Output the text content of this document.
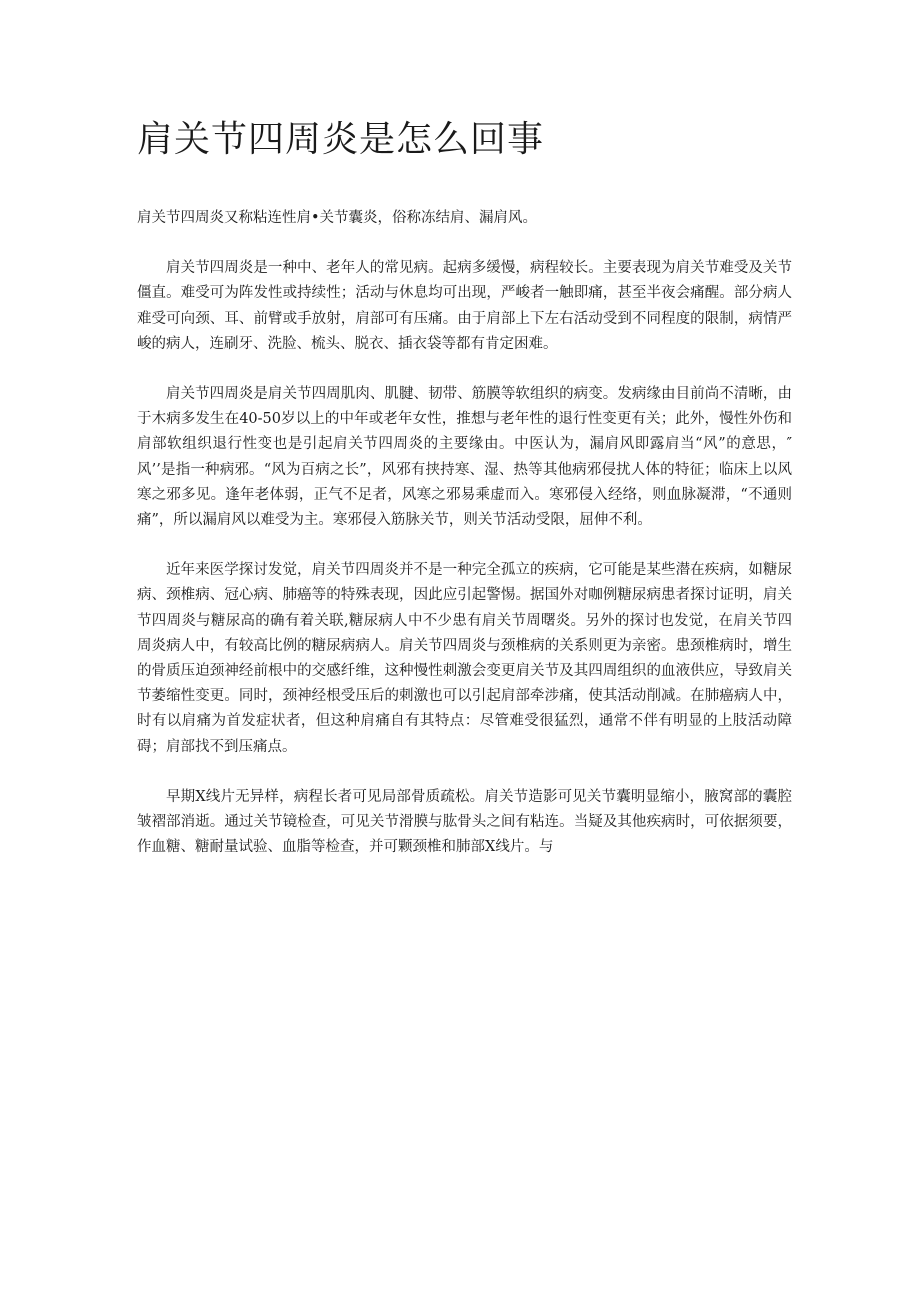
肩关节四周炎是怎么回事

肩关节四周炎又称粘连性肩•关节囊炎，俗称冻结肩、漏肩风。

肩关节四周炎是一种中、老年人的常见病。起病多缓慢，病程较长。主要表现为肩关节难受及关节僵直。难受可为阵发性或持续性；活动与休息均可出现，严峻者一触即痛，甚至半夜会痛醒。部分病人难受可向颈、耳、前臂或手放射，肩部可有压痛。由于肩部上下左右活动受到不同程度的限制，病情严峻的病人，连刷牙、洗脸、梳头、脱衣、插衣袋等都有肯定困难。

肩关节四周炎是肩关节四周肌肉、肌腱、韧带、筋膜等软组织的病变。发病缘由目前尚不清晰，由于木病多发生在40-50岁以上的中年或老年女性，推想与老年性的退行性变更有关；此外，慢性外伤和肩部软组织退行性变也是引起肩关节四周炎的主要缘由。中医认为，漏肩风即露肩当“风”的意思，″风’’是指一种病邪。“风为百病之长”，风邪有挟持寒、湿、热等其他病邪侵扰人体的特征；临床上以风寒之邪多见。逢年老体弱，正气不足者，风寒之邪易乘虚而入。寒邪侵入经络，则血脉凝滞，“不通则痛”，所以漏肩风以难受为主。寒邪侵入筋脉关节，则关节活动受限，屈伸不利。

近年来医学探讨发觉，肩关节四周炎并不是一种完全孤立的疾病，它可能是某些潜在疾病，如糖尿病、颈椎病、冠心病、肺癌等的特殊表现，因此应引起警惕。据国外对咖例糖尿病患者探讨证明，肩关节四周炎与糖尿高的确有着关联,糖尿病人中不少患有肩关节周曙炎。另外的探讨也发觉，在肩关节四周炎病人中，有较高比例的糖尿病病人。肩关节四周炎与颈椎病的关系则更为亲密。患颈椎病时，增生的骨质压迫颈神经前根中的交感纤维，这种慢性刺激会变更肩关节及其四周组织的血液供应，导致肩关节萎缩性变更。同时，颈神经根受压后的刺激也可以引起肩部牵涉痛，使其活动削减。在肺癌病人中，时有以肩痛为首发症状者，但这种肩痛自有其特点：尽管难受很猛烈，通常不伴有明显的上肢活动障碍；肩部找不到压痛点。

早期X线片无异样，病程长者可见局部骨质疏松。肩关节造影可见关节囊明显缩小，腋窝部的囊腔皱褶部消逝。通过关节镜检查，可见关节滑膜与肱骨头之间有粘连。当疑及其他疾病时，可依据须要，作血糖、糖耐量试验、血脂等检查，并可颗颈椎和肺部X线片。与
